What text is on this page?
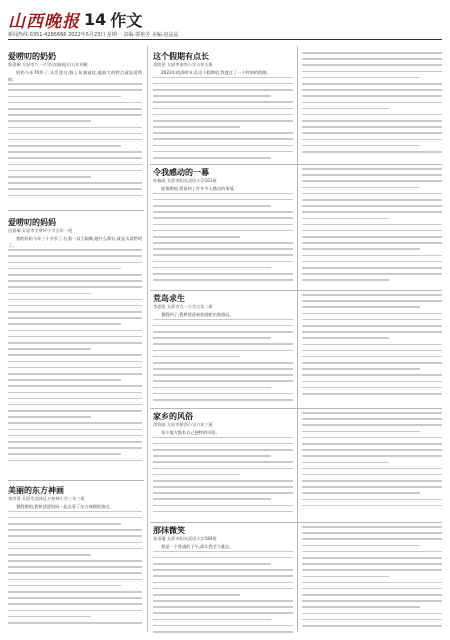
山西晚报 14 作文
新闻热线:0351-4286666 2022年5月23日 星期一 责编:郭艳芳 美编:赵晶晶
爱唠叨的奶奶
郭嘉桐 太原市九一小学(东城校区)五年四班

奶奶今年70岁了,头发花白,脸上布满皱纹,她最大的特点就是爱唠叨。

爱唠叨的妈妈
田嘉瑞 太原市尖草坪小学五年一班

我的妈妈今年三十多岁了,长着一双大眼睛,她什么都好,就是太爱唠叨了。

美丽的东方神画
刘彦蓉 太原市迎泽区万柏林小学三年三班

暑假期间,我和爸爸妈妈一起去看了东方神画的演出。

这个假期有点长
刘欣蓓 太原市南岗小学五年五班

2022年的清明节,在这个假期里,我度过了一个特别的假期。

令我感动的一幕
杜畅成 太原市阳光双语小学101班

疫情期间,我看到了许多令人感动的事情。

荒岛求生
李思锐 太原市九一小学五年二班

暑假到了,我和爸爸乘着游轮出海游玩。

家乡的风俗
常钧雨 太原市桥西小学六年三班

每个地方都有自己独特的风俗。

那抹微笑
张语璠 太原市阳光双语小学184班

那是一个普通的下午,却让我至今难忘。
